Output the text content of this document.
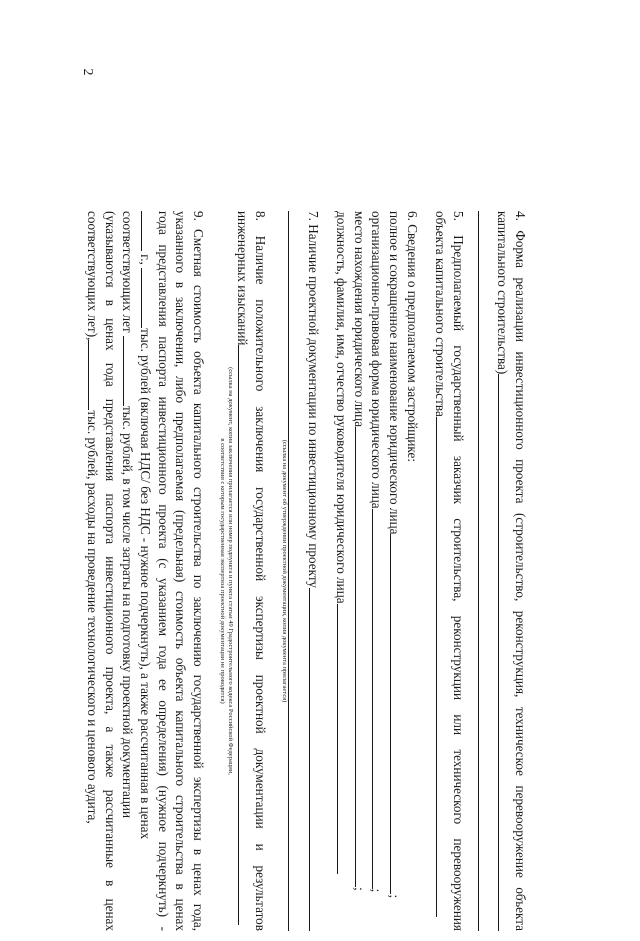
2
4. Форма реализации инвестиционного проекта (строительство, реконструкция, техническое перевооружение объекта
капитального строительства)
5. Предполагаемый государственный заказчик строительства, реконструкции или технического перевооружения
объекта капитального строительства
6. Сведения о предполагаемом застройщике:
полное и сокращенное наименование юридического лица;
организационно-правовая форма юридического лица;
место нахождения юридического лица;
должность, фамилия, имя, отчество руководителя юридического лица
7. Наличие проектной документации по инвестиционному проекту
(ссылка на документ об утверждении проектной документации, копия документа прилагается)
8. Наличие положительного заключения государственной экспертизы проектной документации и результатов
инженерных изысканий
(ссылка на документ, копия заключения прилагается или номер подпункта и пункта статьи 49 Градостроительного кодекса Российской Федерации,
в соответствии с которым государственная экспертиза проектной документации не проводится)
9. Сметная стоимость объекта капитального строительства по заключению государственной экспертизы в ценах года,
указанного в заключении, либо предполагаемая (предельная) стоимость объекта капитального строительства в ценах
года представления паспорта инвестиционного проекта (с указанием года ее определения) (нужное подчеркнуть) -
г., тыс. рублей (включая НДС/ без НДС - нужное подчеркнуть), а также рассчитанная в ценах
соответствующих лет тыс. рублей, в том числе затраты на подготовку проектной документации
(указываются в ценах года представления паспорта инвестиционного проекта, а также рассчитанные в ценах
соответствующих лет),тыс. рублей, расходы на проведение технологического и ценового аудита,
